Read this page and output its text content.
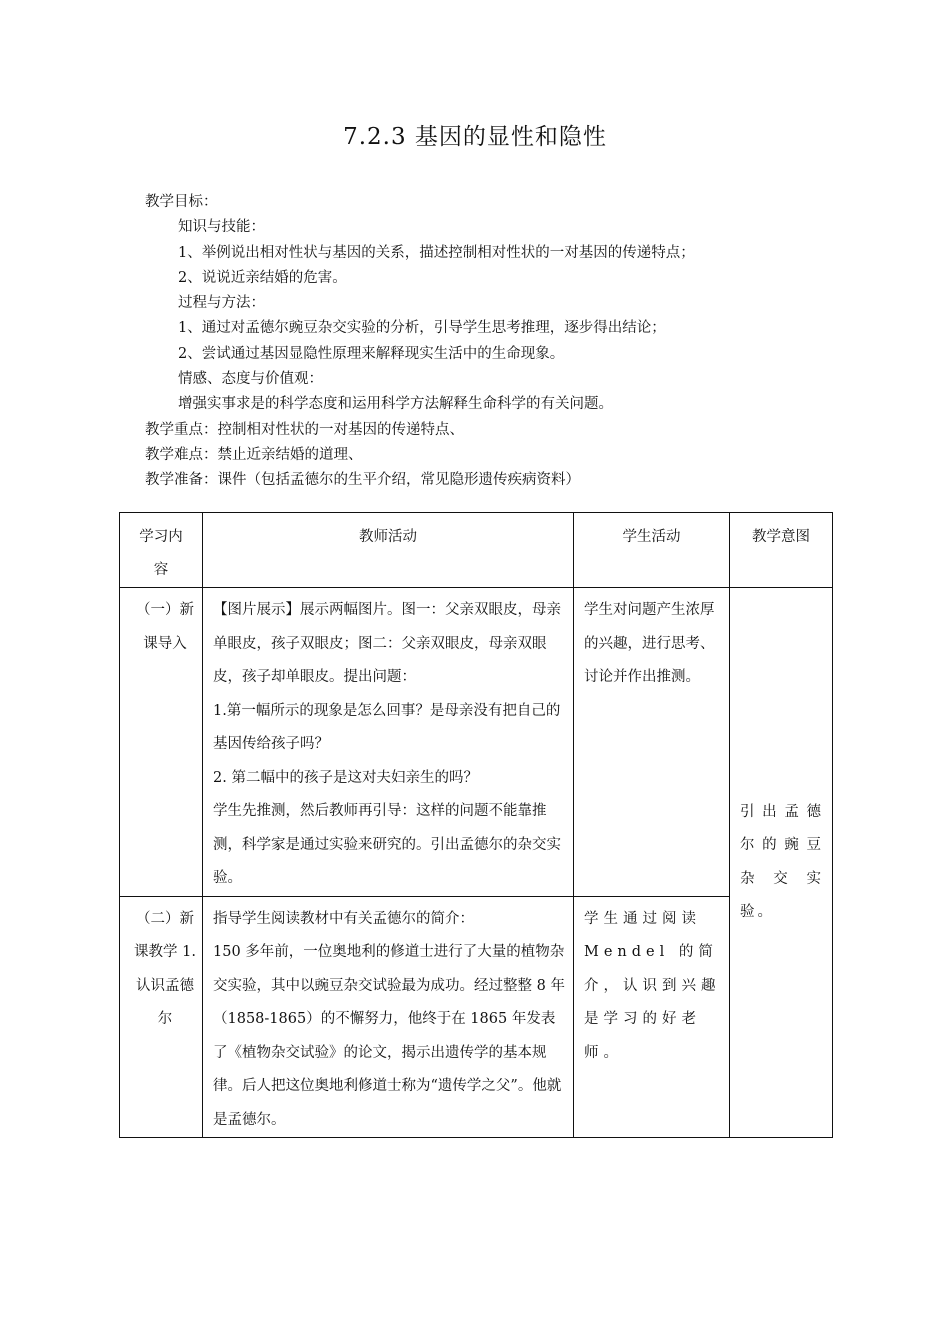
7.2.3 基因的显性和隐性
教学目标：
知识与技能：
1、举例说出相对性状与基因的关系，描述控制相对性状的一对基因的传递特点；
2、说说近亲结婚的危害。
过程与方法：
1、通过对孟德尔豌豆杂交实验的分析，引导学生思考推理，逐步得出结论；
2、尝试通过基因显隐性原理来解释现实生活中的生命现象。
情感、态度与价值观：
增强实事求是的科学态度和运用科学方法解释生命科学的有关问题。
教学重点：控制相对性状的一对基因的传递特点、
教学难点：禁止近亲结婚的道理、
教学准备：课件（包括孟德尔的生平介绍，常见隐形遗传疾病资料）
学习内容	教师活动	学生活动	教学意图

（一）新课导入	【图片展示】展示两幅图片。图一：父亲双眼皮，母亲单眼皮，孩子双眼皮；图二：父亲双眼皮，母亲双眼皮，孩子却单眼皮。提出问题：
1.第一幅所示的现象是怎么回事？是母亲没有把自己的基因传给孩子吗？
2. 第二幅中的孩子是这对夫妇亲生的吗？
学生先推测，然后教师再引导：这样的问题不能靠推测，科学家是通过实验来研究的。引出孟德尔的杂交实验。	学生对问题产生浓厚的兴趣，进行思考、讨论并作出推测。	引出孟德尔的豌豆杂交实验。

（二）新课教学 1. 认识孟德尔	指导学生阅读教材中有关孟德尔的简介：
150 多年前，一位奥地利的修道士进行了大量的植物杂交实验，其中以豌豆杂交试验最为成功。经过整整 8 年（1858-1865）的不懈努力，他终于在 1865 年发表了《植物杂交试验》的论文，揭示出遗传学的基本规律。后人把这位奥地利修道士称为“遗传学之父”。他就是孟德尔。	学生通过阅读 Mendel 的简介，认识到兴趣是学习的好老师。	
